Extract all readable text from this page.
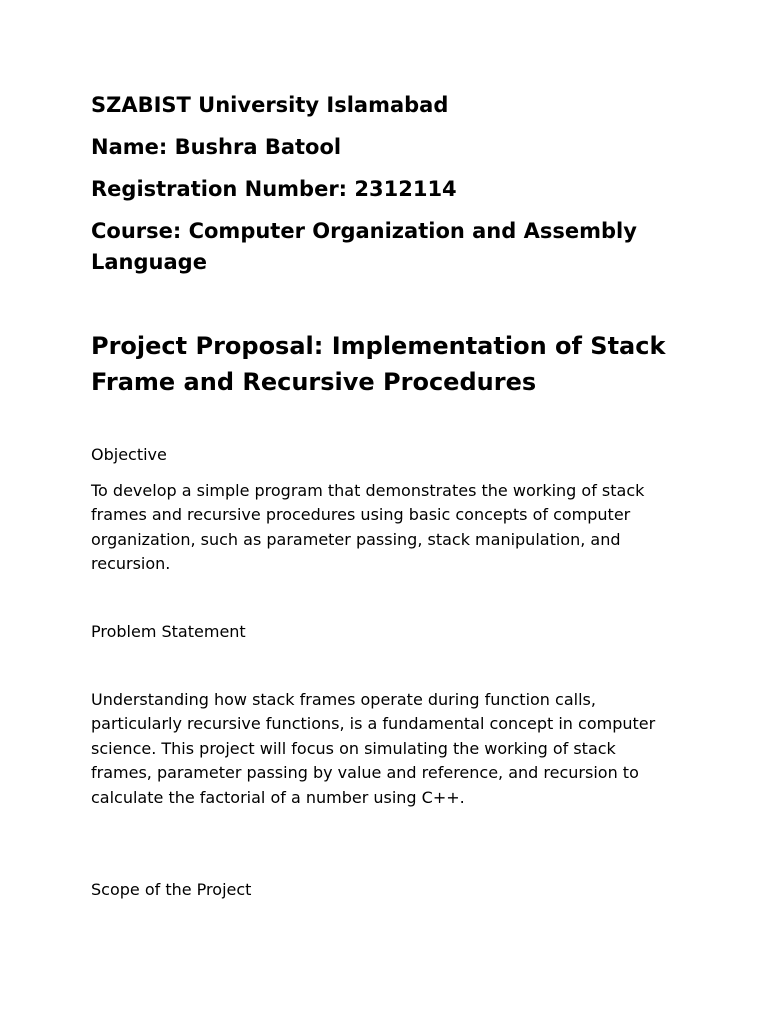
SZABIST University Islamabad
Name: Bushra Batool
Registration Number: 2312114
Course: Computer Organization and Assembly Language
Project Proposal: Implementation of Stack Frame and Recursive Procedures
Objective
To develop a simple program that demonstrates the working of stack frames and recursive procedures using basic concepts of computer organization, such as parameter passing, stack manipulation, and recursion.
Problem Statement
Understanding how stack frames operate during function calls, particularly recursive functions, is a fundamental concept in computer science. This project will focus on simulating the working of stack frames, parameter passing by value and reference, and recursion to calculate the factorial of a number using C++.
Scope of the Project
